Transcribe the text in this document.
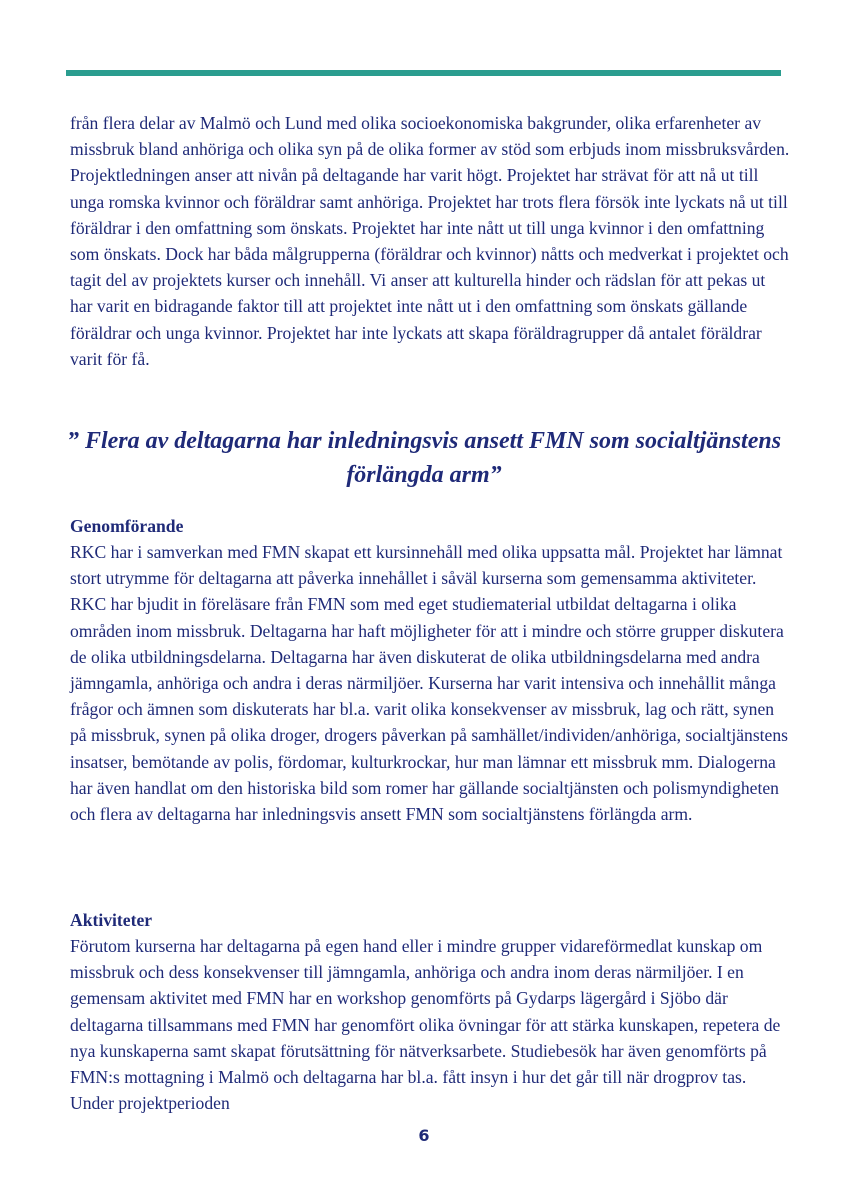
från flera delar av Malmö och Lund med olika socioekonomiska bakgrunder, olika erfarenheter av missbruk bland anhöriga och olika syn på de olika former av stöd som erbjuds inom missbruksvården. Projektledningen anser att nivån på deltagande har varit högt. Projektet har strävat för att nå ut till unga romska kvinnor och föräldrar samt anhöriga. Projektet har trots flera försök inte lyckats nå ut till föräldrar i den omfattning som önskats. Projektet har inte nått ut till unga kvinnor i den omfattning som önskats. Dock har båda målgrupperna (föräldrar och kvinnor) nåtts och medverkat i projektet och tagit del av projektets kurser och innehåll. Vi anser att kulturella hinder och rädslan för att pekas ut har varit en bidragande faktor till att projektet inte nått ut i den omfattning som önskats gällande föräldrar och unga kvinnor. Projektet har inte lyckats att skapa föräldragrupper då antalet föräldrar varit för få.

” Flera av deltagarna har inledningsvis ansett FMN som socialtjänstens förlängda arm”

Genomförande

RKC har i samverkan med FMN skapat ett kursinnehåll med olika uppsatta mål. Projektet har lämnat stort utrymme för deltagarna att påverka innehållet i såväl kurserna som gemensamma aktiviteter. RKC har bjudit in föreläsare från FMN som med eget studiematerial utbildat deltagarna i olika områden inom missbruk. Deltagarna har haft möjligheter för att i mindre och större grupper diskutera de olika utbildningsdelarna. Deltagarna har även diskuterat de olika utbildningsdelarna med andra jämngamla, anhöriga och andra i deras närmiljöer. Kurserna har varit intensiva och innehållit många frågor och ämnen som diskuterats har bl.a. varit olika konsekvenser av missbruk, lag och rätt, synen på missbruk, synen på olika droger, drogers påverkan på samhället/individen/anhöriga, socialtjänstens insatser, bemötande av polis, fördomar, kulturkrockar, hur man lämnar ett missbruk mm. Dialogerna har även handlat om den historiska bild som romer har gällande socialtjänsten och polismyndigheten och flera av deltagarna har inledningsvis ansett FMN som socialtjänstens förlängda arm.

Aktiviteter

Förutom kurserna har deltagarna på egen hand eller i mindre grupper vidareförmedlat kunskap om missbruk och dess konsekvenser till jämngamla, anhöriga och andra inom deras närmiljöer. I en gemensam aktivitet med FMN har en workshop genomförts på Gydarps lägergård i Sjöbo där deltagarna tillsammans med FMN har genomfört olika övningar för att stärka kunskapen, repetera de nya kunskaperna samt skapat förutsättning för nätverksarbete. Studiebesök har även genomförts på FMN:s mottagning i Malmö och deltagarna har bl.a. fått insyn i hur det går till när drogprov tas. Under projektperioden

6
